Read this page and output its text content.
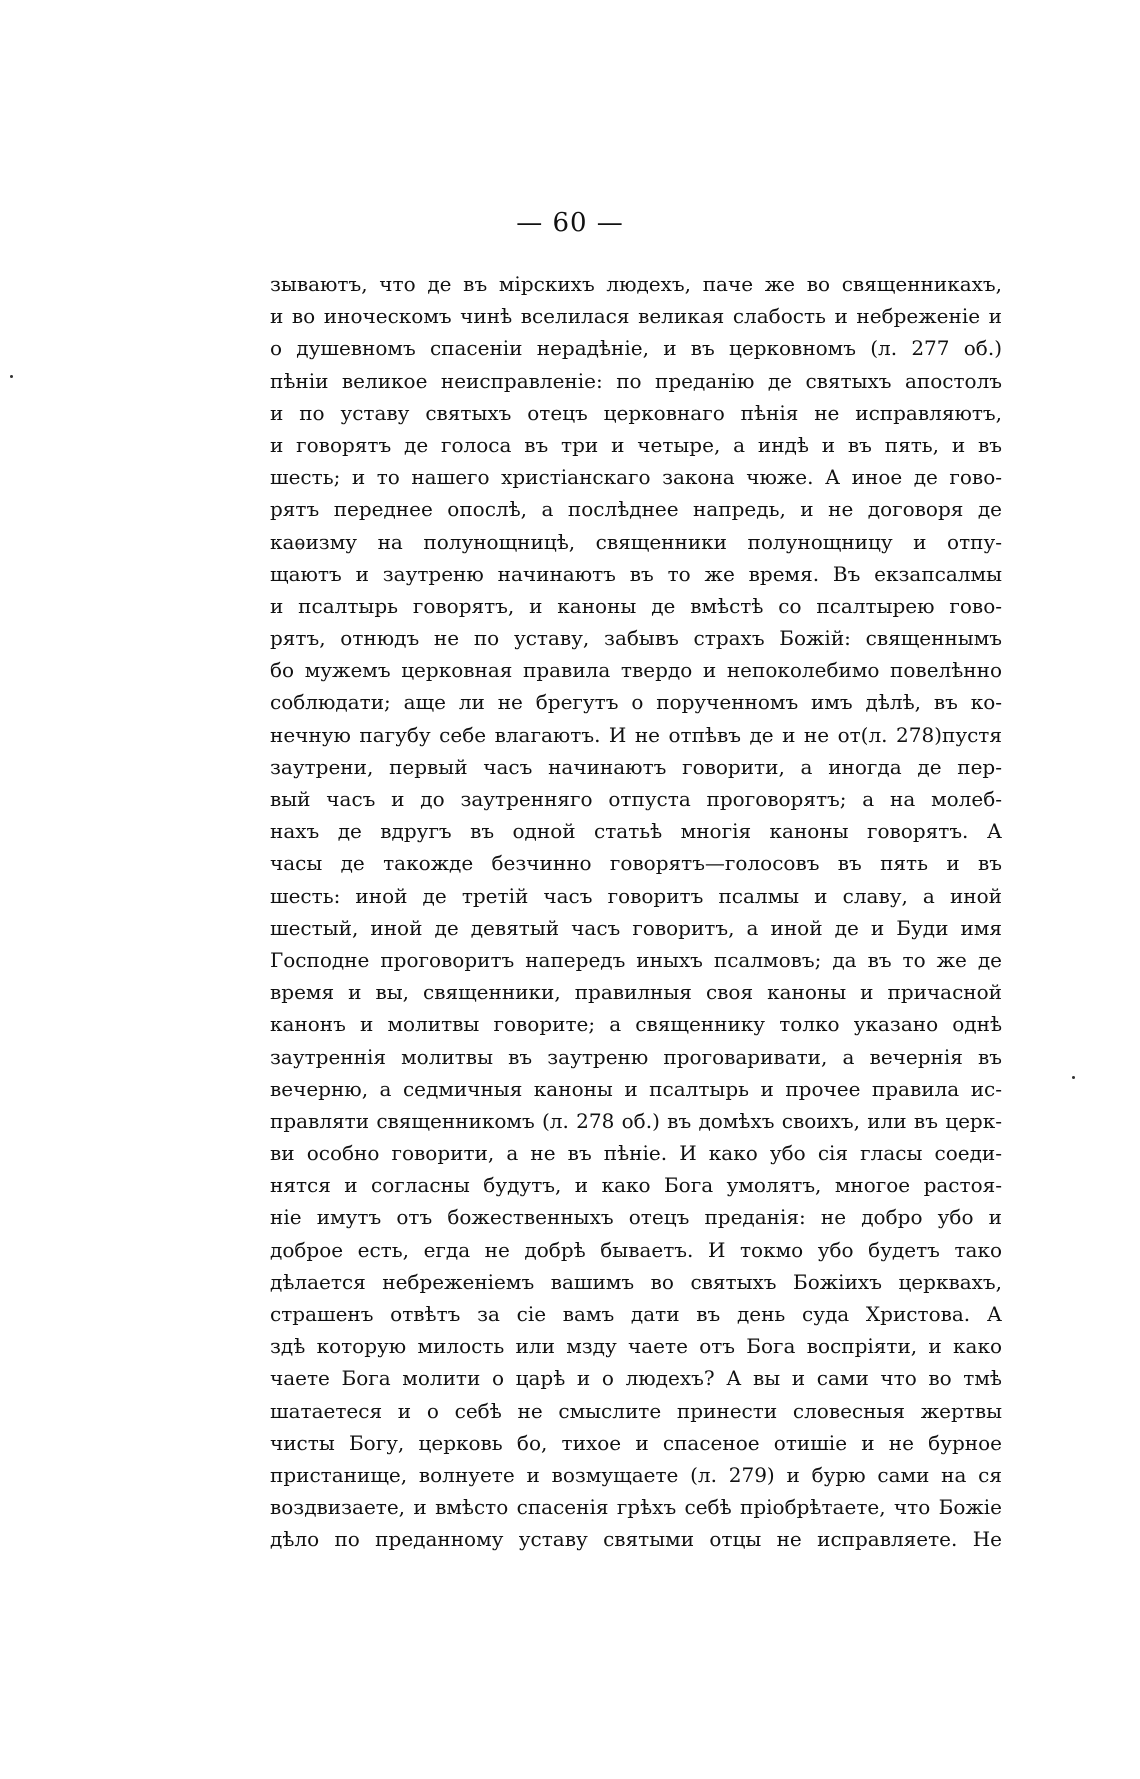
— 60 —
зываютъ, что де въ мірскихъ людехъ, паче же во священникахъ,
и во иноческомъ чинѣ вселилася великая слабость и небреженіе и
о душевномъ спасеніи нерадѣніе, и въ церковномъ (л. 277 об.)
пѣніи великое неисправленіе: по преданію де святыхъ апостолъ
и по уставу святыхъ отецъ церковнаго пѣнія не исправляютъ,
и говорятъ де голоса въ три и четыре, а индѣ и въ пять, и въ
шесть; и то нашего христіанскаго закона чюже. А иное де гово-
рятъ переднее опослѣ, а послѣднее напредь, и не договоря де
каѳизму на полунощницѣ, священники полунощницу и отпу-
щаютъ и заутреню начинаютъ въ то же время. Въ екзапсалмы
и псалтырь говорятъ, и каноны де вмѣстѣ со псалтырею гово-
рятъ, отнюдъ не по уставу, забывъ страхъ Божій: священнымъ
бо мужемъ церковная правила твердо и непоколебимо повелѣнно
соблюдати; аще ли не брегутъ о порученномъ имъ дѣлѣ, въ ко-
нечную пагубу себе влагаютъ. И не отпѣвъ де и не от(л. 278)пустя
заутрени, первый часъ начинаютъ говорити, а иногда де пер-
вый часъ и до заутренняго отпуста проговорятъ; а на молеб-
нахъ де вдругъ въ одной статьѣ многія каноны говорятъ. А
часы де такожде безчинно говорятъ—голосовъ въ пять и въ
шесть: иной де третій часъ говоритъ псалмы и славу, а иной
шестый, иной де девятый часъ говоритъ, а иной де и Буди имя
Господне проговоритъ напередъ иныхъ псалмовъ; да въ то же де
время и вы, священники, правилныя своя каноны и причасной
канонъ и молитвы говорите; а священнику толко указано однѣ
заутреннія молитвы въ заутреню проговаривати, а вечернія въ
вечерню, а седмичныя каноны и псалтырь и прочее правила ис-
правляти священникомъ (л. 278 об.) въ домѣхъ своихъ, или въ церк-
ви особно говорити, а не въ пѣніе. И како убо сія гласы соеди-
нятся и согласны будутъ, и како Бога умолятъ, многое растоя-
ніе имутъ отъ божественныхъ отецъ преданія: не добро убо и
доброе есть, егда не добрѣ бываетъ. И токмо убо будетъ тако
дѣлается небреженіемъ вашимъ во святыхъ Божіихъ церквахъ,
страшенъ отвѣтъ за сіе вамъ дати въ день суда Христова. А
здѣ которую милость или мзду чаете отъ Бога воспріяти, и како
чаете Бога молити о царѣ и о людехъ? А вы и сами что во тмѣ
шатаетеся и о себѣ не смыслите принести словесныя жертвы
чисты Богу, церковь бо, тихое и спасеное отишіе и не бурное
пристанище, волнуете и возмущаете (л. 279) и бурю сами на ся
воздвизаете, и вмѣсто спасенія грѣхъ себѣ пріобрѣтаете, что Божіе
дѣло по преданному уставу святыми отцы не исправляете. Не
